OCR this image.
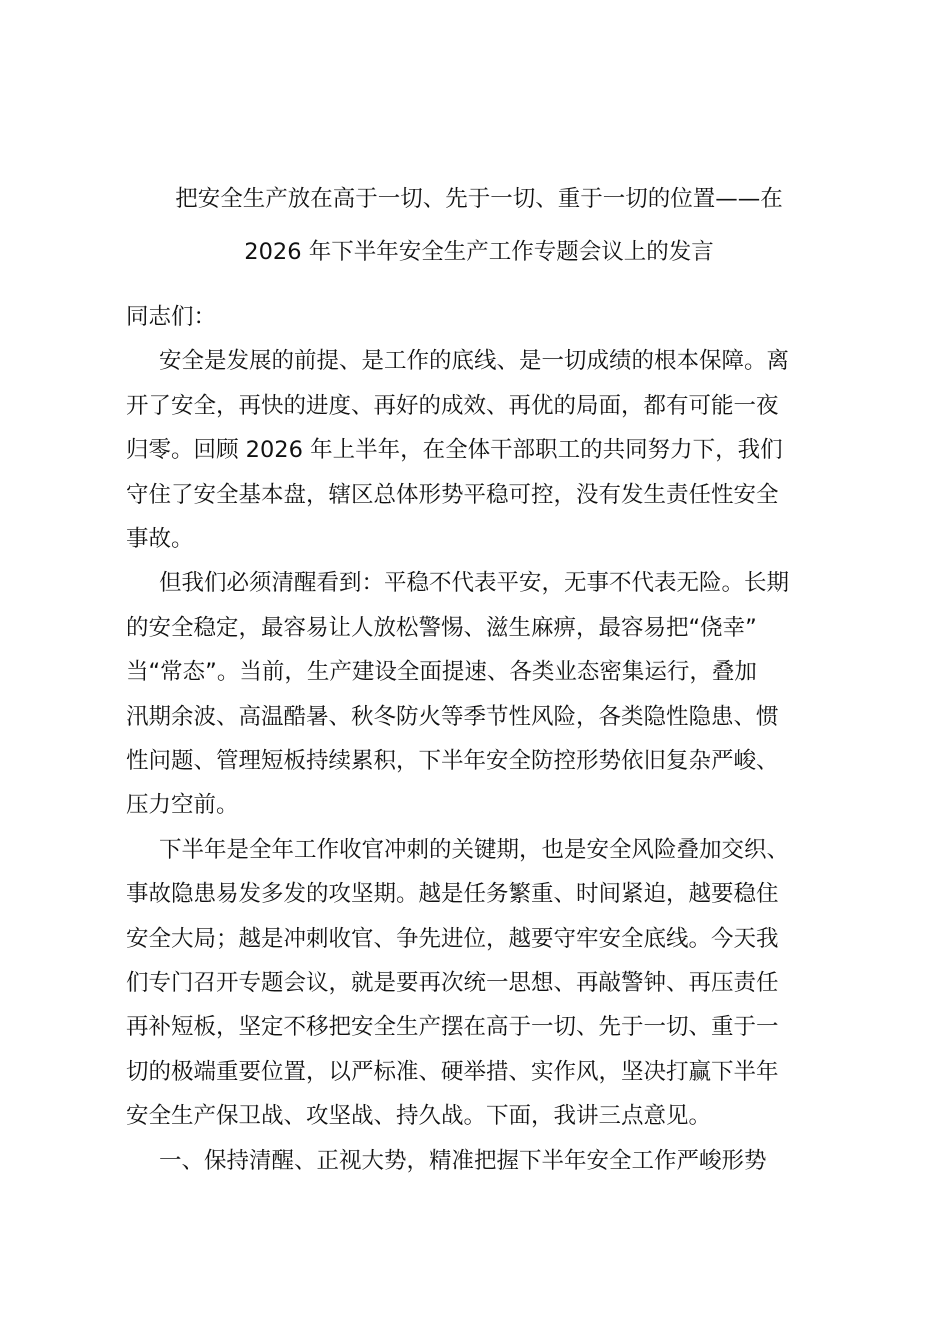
把安全生产放在高于一切、先于一切、重于一切的位置——在
2026 年下半年安全生产工作专题会议上的发言
同志们：
安全是发展的前提、是工作的底线、是一切成绩的根本保障。离
开了安全，再快的进度、再好的成效、再优的局面，都有可能一夜
归零。回顾 2026 年上半年，在全体干部职工的共同努力下，我们
守住了安全基本盘，辖区总体形势平稳可控，没有发生责任性安全
事故。
但我们必须清醒看到：平稳不代表平安，无事不代表无险。长期
的安全稳定，最容易让人放松警惕、滋生麻痹，最容易把“侥幸”
当“常态”。当前，生产建设全面提速、各类业态密集运行，叠加
汛期余波、高温酷暑、秋冬防火等季节性风险，各类隐性隐患、惯
性问题、管理短板持续累积，下半年安全防控形势依旧复杂严峻、
压力空前。
下半年是全年工作收官冲刺的关键期，也是安全风险叠加交织、
事故隐患易发多发的攻坚期。越是任务繁重、时间紧迫，越要稳住
安全大局；越是冲刺收官、争先进位，越要守牢安全底线。今天我
们专门召开专题会议，就是要再次统一思想、再敲警钟、再压责任
再补短板，坚定不移把安全生产摆在高于一切、先于一切、重于一
切的极端重要位置，以严标准、硬举措、实作风，坚决打赢下半年
安全生产保卫战、攻坚战、持久战。下面，我讲三点意见。
一、保持清醒、正视大势，精准把握下半年安全工作严峻形势
